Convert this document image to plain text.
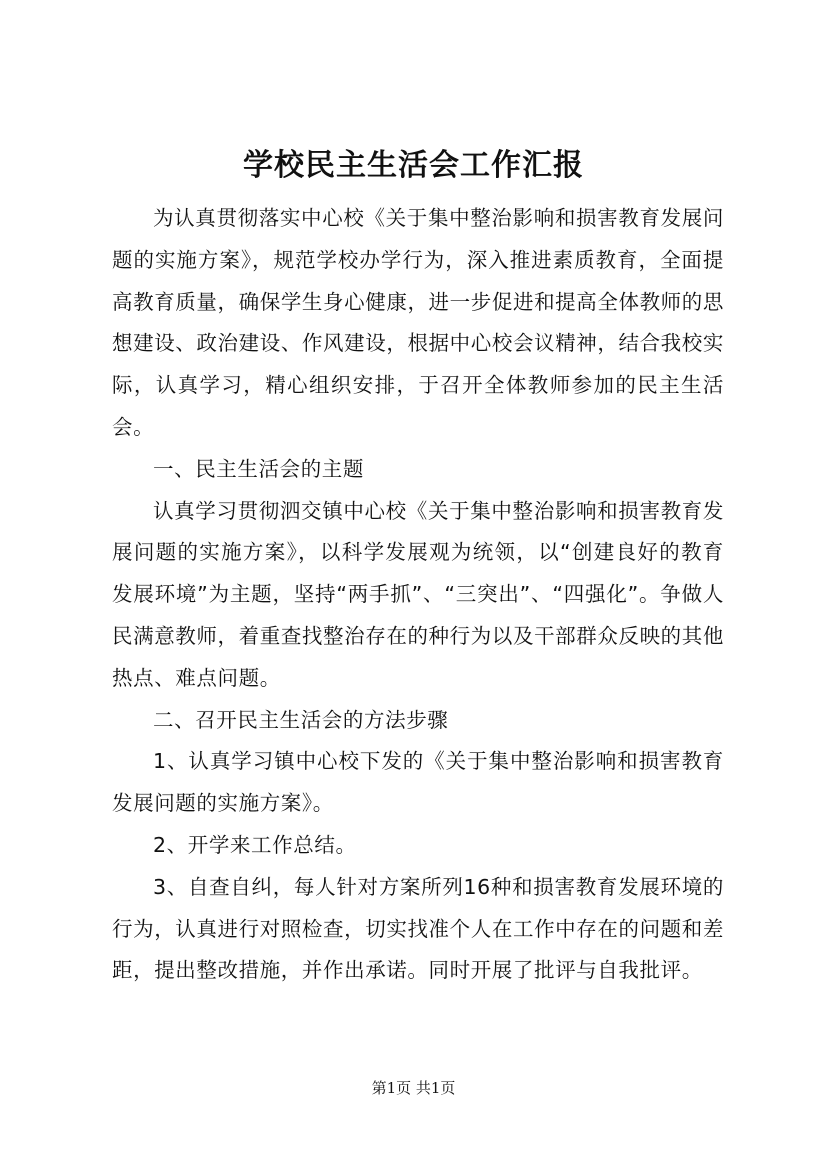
学校民主生活会工作汇报

为认真贯彻落实中心校《关于集中整治影响和损害教育发展问题的实施方案》，规范学校办学行为，深入推进素质教育，全面提高教育质量，确保学生身心健康，进一步促进和提高全体教师的思想建设、政治建设、作风建设，根据中心校会议精神，结合我校实际，认真学习，精心组织安排，于召开全体教师参加的民主生活会。

一、民主生活会的主题

认真学习贯彻泗交镇中心校《关于集中整治影响和损害教育发展问题的实施方案》，以科学发展观为统领，以“创建良好的教育发展环境”为主题，坚持“两手抓”、“三突出”、“四强化”。争做人民满意教师，着重查找整治存在的种行为以及干部群众反映的其他热点、难点问题。

二、召开民主生活会的方法步骤

1、认真学习镇中心校下发的《关于集中整治影响和损害教育发展问题的实施方案》。

2、开学来工作总结。

3、自查自纠，每人针对方案所列16种和损害教育发展环境的行为，认真进行对照检查，切实找准个人在工作中存在的问题和差距，提出整改措施，并作出承诺。同时开展了批评与自我批评。

第1页 共1页
